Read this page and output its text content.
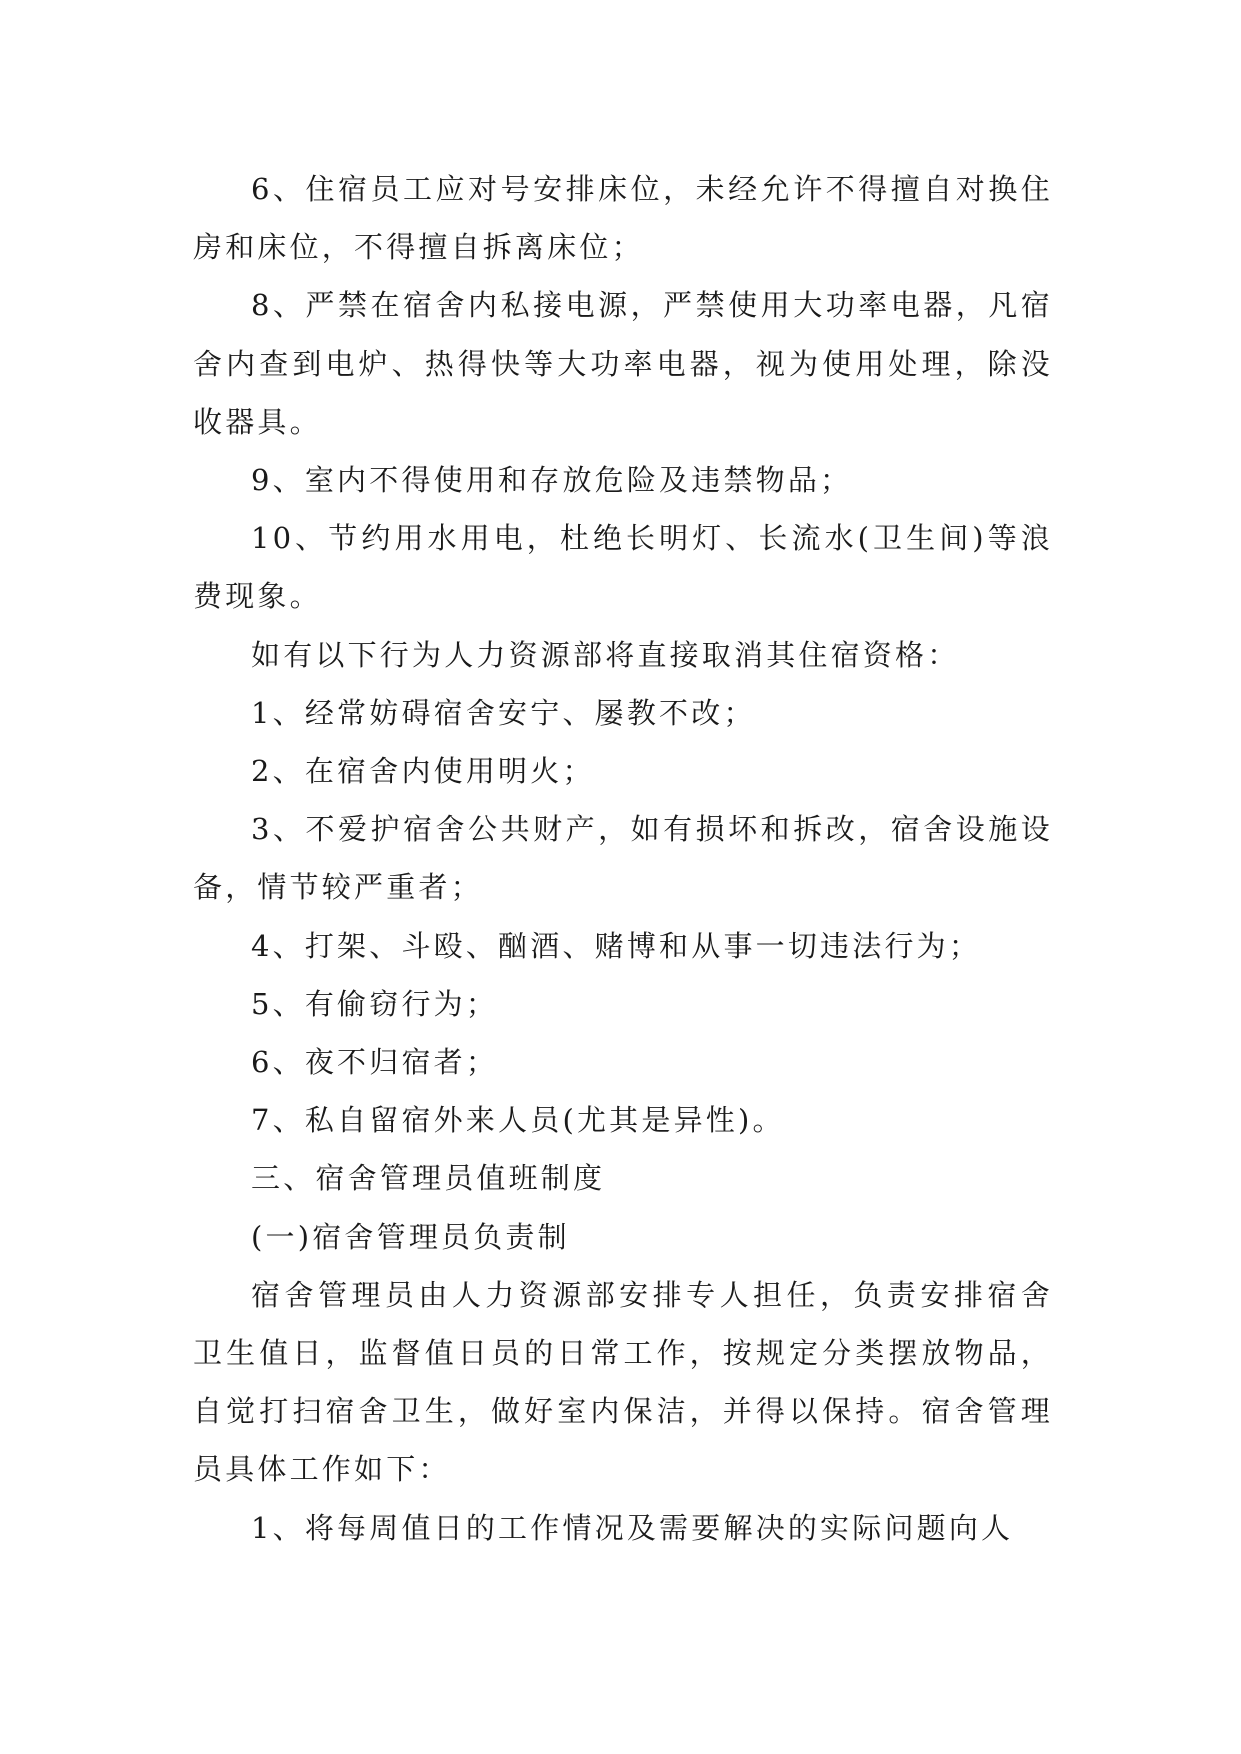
6、住宿员工应对号安排床位，未经允许不得擅自对换住房和床位，不得擅自拆离床位；

8、严禁在宿舍内私接电源，严禁使用大功率电器，凡宿舍内查到电炉、热得快等大功率电器，视为使用处理，除没收器具。

9、室内不得使用和存放危险及违禁物品；

10、节约用水用电，杜绝长明灯、长流水(卫生间)等浪费现象。

如有以下行为人力资源部将直接取消其住宿资格：

1、经常妨碍宿舍安宁、屡教不改；

2、在宿舍内使用明火；

3、不爱护宿舍公共财产，如有损坏和拆改，宿舍设施设备，情节较严重者；

4、打架、斗殴、酗酒、赌博和从事一切违法行为；

5、有偷窃行为；

6、夜不归宿者；

7、私自留宿外来人员(尤其是异性)。

三、宿舍管理员值班制度

(一)宿舍管理员负责制

宿舍管理员由人力资源部安排专人担任，负责安排宿舍卫生值日，监督值日员的日常工作，按规定分类摆放物品，自觉打扫宿舍卫生，做好室内保洁，并得以保持。宿舍管理员具体工作如下：

1、将每周值日的工作情况及需要解决的实际问题向人
